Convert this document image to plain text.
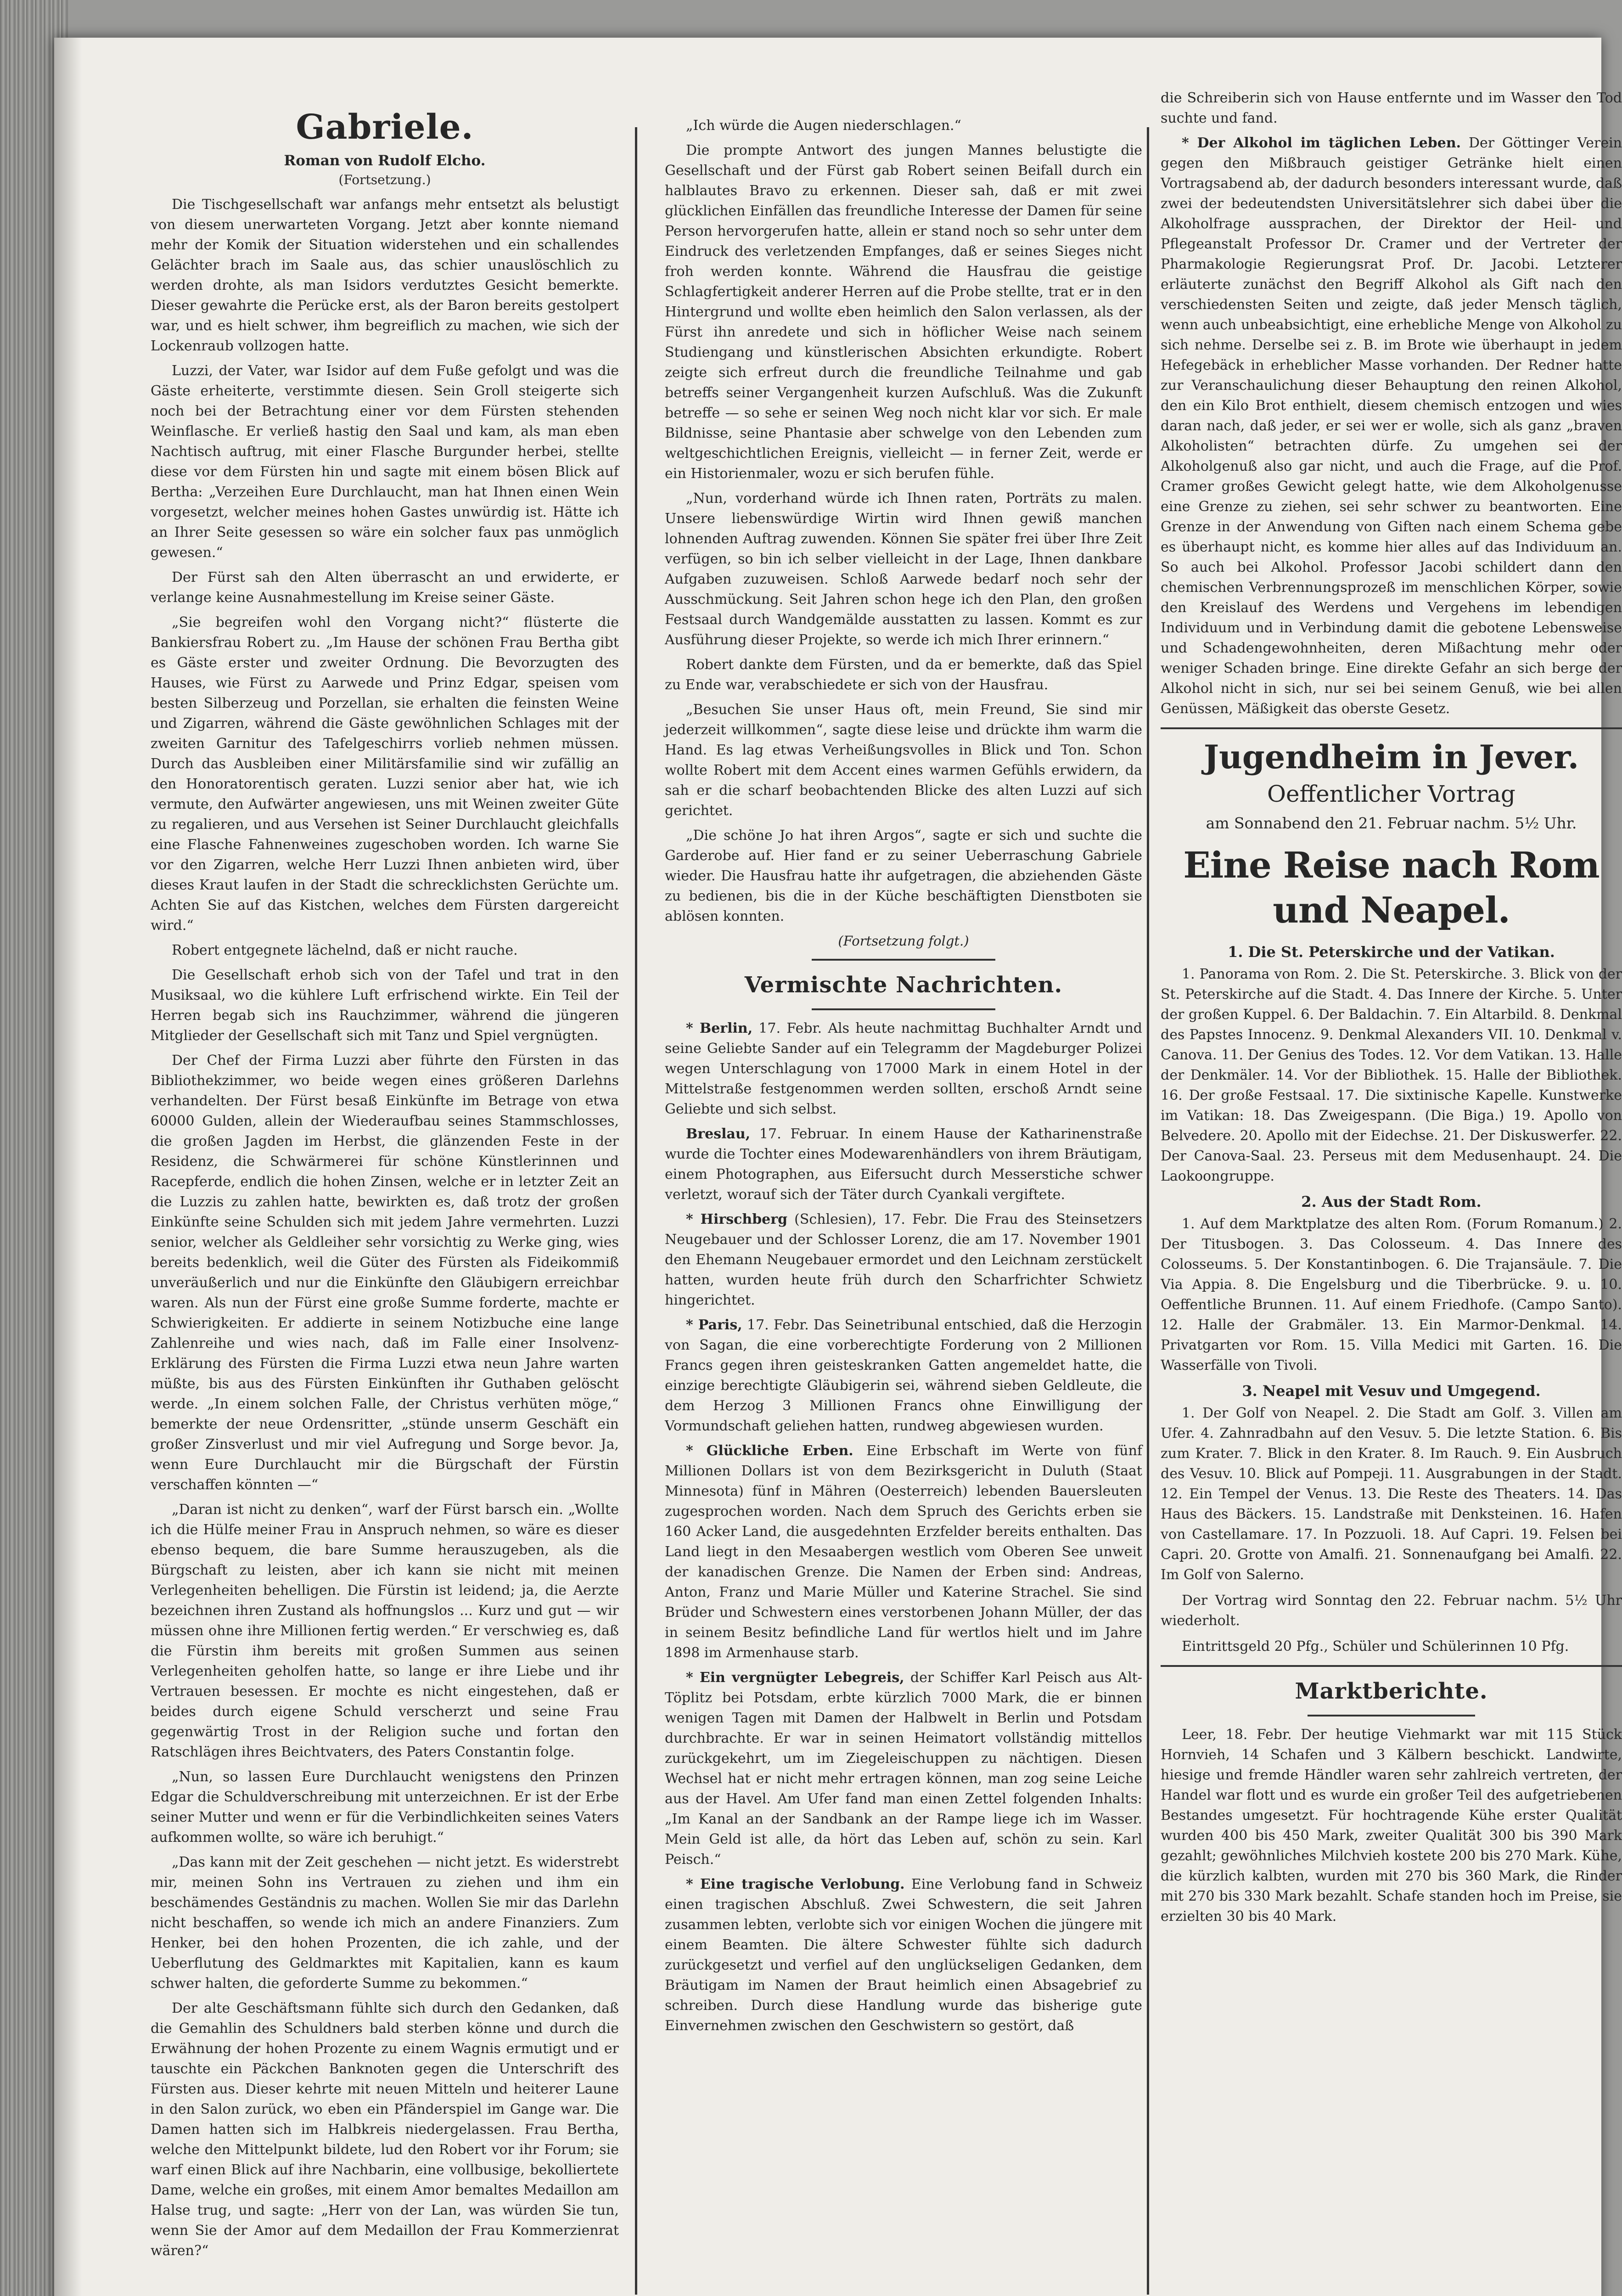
Gabriele.
Roman von Rudolf Elcho.
(Fortsetzung.)

Die Tischgesellschaft war anfangs mehr entsetzt als belustigt von diesem unerwarteten Vorgang. Jetzt aber konnte niemand mehr der Komik der Situation widerstehen und ein schallendes Gelächter brach im Saale aus, das schier unauslöschlich zu werden drohte, als man Isidors verdutztes Gesicht bemerkte. Dieser gewahrte die Perücke erst, als der Baron bereits gestolpert war, und es hielt schwer, ihm begreiflich zu machen, wie sich der Lockenraub vollzogen hatte.

Luzzi, der Vater, war Isidor auf dem Fuße gefolgt und was die Gäste erheiterte, verstimmte diesen. Sein Groll steigerte sich noch bei der Betrachtung einer vor dem Fürsten stehenden Weinflasche. Er verließ hastig den Saal und kam, als man eben Nachtisch auftrug, mit einer Flasche Burgunder herbei, stellte diese vor dem Fürsten hin und sagte mit einem bösen Blick auf Bertha: „Verzeihen Eure Durchlaucht, man hat Ihnen einen Wein vorgesetzt, welcher meines hohen Gastes unwürdig ist. Hätte ich an Ihrer Seite gesessen so wäre ein solcher faux pas unmöglich gewesen.“

Der Fürst sah den Alten überrascht an und erwiderte, er verlange keine Ausnahmestellung im Kreise seiner Gäste.

„Sie begreifen wohl den Vorgang nicht?“ flüsterte die Bankiersfrau Robert zu. „Im Hause der schönen Frau Bertha gibt es Gäste erster und zweiter Ordnung. Die Bevorzugten des Hauses, wie Fürst zu Aarwede und Prinz Edgar, speisen vom besten Silberzeug und Porzellan, sie erhalten die feinsten Weine und Zigarren, während die Gäste gewöhnlichen Schlages mit der zweiten Garnitur des Tafelgeschirrs vorlieb nehmen müssen. Durch das Ausbleiben einer Militärsfamilie sind wir zufällig an den Honoratorentisch geraten. Luzzi senior aber hat, wie ich vermute, den Aufwärter angewiesen, uns mit Weinen zweiter Güte zu regalieren, und aus Versehen ist Seiner Durchlaucht gleichfalls eine Flasche Fahnenweines zugeschoben worden. Ich warne Sie vor den Zigarren, welche Herr Luzzi Ihnen anbieten wird, über dieses Kraut laufen in der Stadt die schrecklichsten Gerüchte um. Achten Sie auf das Kistchen, welches dem Fürsten dargereicht wird.“

Robert entgegnete lächelnd, daß er nicht rauche.

Die Gesellschaft erhob sich von der Tafel und trat in den Musiksaal, wo die kühlere Luft erfrischend wirkte. Ein Teil der Herren begab sich ins Rauchzimmer, während die jüngeren Mitglieder der Gesellschaft sich mit Tanz und Spiel vergnügten.

Der Chef der Firma Luzzi aber führte den Fürsten in das Bibliothekzimmer, wo beide wegen eines größeren Darlehns verhandelten. Der Fürst besaß Einkünfte im Betrage von etwa 60000 Gulden, allein der Wiederaufbau seines Stammschlosses, die großen Jagden im Herbst, die glänzenden Feste in der Residenz, die Schwärmerei für schöne Künstlerinnen und Racepferde, endlich die hohen Zinsen, welche er in letzter Zeit an die Luzzis zu zahlen hatte, bewirkten es, daß trotz der großen Einkünfte seine Schulden sich mit jedem Jahre vermehrten. Luzzi senior, welcher als Geldleiher sehr vorsichtig zu Werke ging, wies bereits bedenklich, weil die Güter des Fürsten als Fideikommiß unveräußerlich und nur die Einkünfte den Gläubigern erreichbar waren. Als nun der Fürst eine große Summe forderte, machte er Schwierigkeiten. Er addierte in seinem Notizbuche eine lange Zahlenreihe und wies nach, daß im Falle einer Insolvenz-Erklärung des Fürsten die Firma Luzzi etwa neun Jahre warten müßte, bis aus des Fürsten Einkünften ihr Guthaben gelöscht werde. „In einem solchen Falle, der Christus verhüten möge,“ bemerkte der neue Ordensritter, „stünde unserm Geschäft ein großer Zinsverlust und mir viel Aufregung und Sorge bevor. Ja, wenn Eure Durchlaucht mir die Bürgschaft der Fürstin verschaffen könnten —“

„Daran ist nicht zu denken“, warf der Fürst barsch ein. „Wollte ich die Hülfe meiner Frau in Anspruch nehmen, so wäre es dieser ebenso bequem, die bare Summe herauszugeben, als die Bürgschaft zu leisten, aber ich kann sie nicht mit meinen Verlegenheiten behelligen. Die Fürstin ist leidend; ja, die Aerzte bezeichnen ihren Zustand als hoffnungslos ... Kurz und gut — wir müssen ohne ihre Millionen fertig werden.“ Er verschwieg es, daß die Fürstin ihm bereits mit großen Summen aus seinen Verlegenheiten geholfen hatte, so lange er ihre Liebe und ihr Vertrauen besessen. Er mochte es nicht eingestehen, daß er beides durch eigene Schuld verscherzt und seine Frau gegenwärtig Trost in der Religion suche und fortan den Ratschlägen ihres Beichtvaters, des Paters Constantin folge.

„Nun, so lassen Eure Durchlaucht wenigstens den Prinzen Edgar die Schuldverschreibung mit unterzeichnen. Er ist der Erbe seiner Mutter und wenn er für die Verbindlichkeiten seines Vaters aufkommen wollte, so wäre ich beruhigt.“

„Das kann mit der Zeit geschehen — nicht jetzt. Es widerstrebt mir, meinen Sohn ins Vertrauen zu ziehen und ihm ein beschämendes Geständnis zu machen. Wollen Sie mir das Darlehn nicht beschaffen, so wende ich mich an andere Finanziers. Zum Henker, bei den hohen Prozenten, die ich zahle, und der Ueberflutung des Geldmarktes mit Kapitalien, kann es kaum schwer halten, die geforderte Summe zu bekommen.“

Der alte Geschäftsmann fühlte sich durch den Gedanken, daß die Gemahlin des Schuldners bald sterben könne und durch die Erwähnung der hohen Prozente zu einem Wagnis ermutigt und er tauschte ein Päckchen Banknoten gegen die Unterschrift des Fürsten aus. Dieser kehrte mit neuen Mitteln und heiterer Laune in den Salon zurück, wo eben ein Pfänderspiel im Gange war. Die Damen hatten sich im Halbkreis niedergelassen. Frau Bertha, welche den Mittelpunkt bildete, lud den Robert vor ihr Forum; sie warf einen Blick auf ihre Nachbarin, eine vollbusige, bekolliertete Dame, welche ein großes, mit einem Amor bemaltes Medaillon am Halse trug, und sagte: „Herr von der Lan, was würden Sie tun, wenn Sie der Amor auf dem Medaillon der Frau Kommerzienrat wären?“

„Ich würde die Augen niederschlagen.“

Die prompte Antwort des jungen Mannes belustigte die Gesellschaft und der Fürst gab Robert seinen Beifall durch ein halblautes Bravo zu erkennen. Dieser sah, daß er mit zwei glücklichen Einfällen das freundliche Interesse der Damen für seine Person hervorgerufen hatte, allein er stand noch so sehr unter dem Eindruck des verletzenden Empfanges, daß er seines Sieges nicht froh werden konnte. Während die Hausfrau die geistige Schlagfertigkeit anderer Herren auf die Probe stellte, trat er in den Hintergrund und wollte eben heimlich den Salon verlassen, als der Fürst ihn anredete und sich in höflicher Weise nach seinem Studiengang und künstlerischen Absichten erkundigte. Robert zeigte sich erfreut durch die freundliche Teilnahme und gab betreffs seiner Vergangenheit kurzen Aufschluß. Was die Zukunft betreffe — so sehe er seinen Weg noch nicht klar vor sich. Er male Bildnisse, seine Phantasie aber schwelge von den Lebenden zum weltgeschichtlichen Ereignis, vielleicht — in ferner Zeit, werde er ein Historienmaler, wozu er sich berufen fühle.

„Nun, vorderhand würde ich Ihnen raten, Porträts zu malen. Unsere liebenswürdige Wirtin wird Ihnen gewiß manchen lohnenden Auftrag zuwenden. Können Sie später frei über Ihre Zeit verfügen, so bin ich selber vielleicht in der Lage, Ihnen dankbare Aufgaben zuzuweisen. Schloß Aarwede bedarf noch sehr der Ausschmückung. Seit Jahren schon hege ich den Plan, den großen Festsaal durch Wandgemälde ausstatten zu lassen. Kommt es zur Ausführung dieser Projekte, so werde ich mich Ihrer erinnern.“

Robert dankte dem Fürsten, und da er bemerkte, daß das Spiel zu Ende war, verabschiedete er sich von der Hausfrau.

„Besuchen Sie unser Haus oft, mein Freund, Sie sind mir jederzeit willkommen“, sagte diese leise und drückte ihm warm die Hand. Es lag etwas Verheißungsvolles in Blick und Ton. Schon wollte Robert mit dem Accent eines warmen Gefühls erwidern, da sah er die scharf beobachtenden Blicke des alten Luzzi auf sich gerichtet.

„Die schöne Jo hat ihren Argos“, sagte er sich und suchte die Garderobe auf. Hier fand er zu seiner Ueberraschung Gabriele wieder. Die Hausfrau hatte ihr aufgetragen, die abziehenden Gäste zu bedienen, bis die in der Küche beschäftigten Dienstboten sie ablösen konnten.

(Fortsetzung folgt.)
Vermischte Nachrichten.

* Berlin, 17. Febr. Als heute nachmittag Buchhalter Arndt und seine Geliebte Sander auf ein Telegramm der Magdeburger Polizei wegen Unterschlagung von 17000 Mark in einem Hotel in der Mittelstraße festgenommen werden sollten, erschoß Arndt seine Geliebte und sich selbst.

Breslau, 17. Februar. In einem Hause der Katharinenstraße wurde die Tochter eines Modewarenhändlers von ihrem Bräutigam, einem Photographen, aus Eifersucht durch Messerstiche schwer verletzt, worauf sich der Täter durch Cyankali vergiftete.

* Hirschberg (Schlesien), 17. Febr. Die Frau des Steinsetzers Neugebauer und der Schlosser Lorenz, die am 17. November 1901 den Ehemann Neugebauer ermordet und den Leichnam zerstückelt hatten, wurden heute früh durch den Scharfrichter Schwietz hingerichtet.

* Paris, 17. Febr. Das Seinetribunal entschied, daß die Herzogin von Sagan, die eine vorberechtigte Forderung von 2 Millionen Francs gegen ihren geisteskranken Gatten angemeldet hatte, die einzige berechtigte Gläubigerin sei, während sieben Geldleute, die dem Herzog 3 Millionen Francs ohne Einwilligung der Vormundschaft geliehen hatten, rundweg abgewiesen wurden.

* Glückliche Erben. Eine Erbschaft im Werte von fünf Millionen Dollars ist von dem Bezirksgericht in Duluth (Staat Minnesota) fünf in Mähren (Oesterreich) lebenden Bauersleuten zugesprochen worden. Nach dem Spruch des Gerichts erben sie 160 Acker Land, die ausgedehnten Erzfelder bereits enthalten. Das Land liegt in den Mesaabergen westlich vom Oberen See unweit der kanadischen Grenze. Die Namen der Erben sind: Andreas, Anton, Franz und Marie Müller und Katerine Strachel. Sie sind Brüder und Schwestern eines verstorbenen Johann Müller, der das in seinem Besitz befindliche Land für wertlos hielt und im Jahre 1898 im Armenhause starb.

* Ein vergnügter Lebegreis, der Schiffer Karl Peisch aus Alt-Töplitz bei Potsdam, erbte kürzlich 7000 Mark, die er binnen wenigen Tagen mit Damen der Halbwelt in Berlin und Potsdam durchbrachte. Er war in seinen Heimatort vollständig mittellos zurückgekehrt, um im Ziegeleischuppen zu nächtigen. Diesen Wechsel hat er nicht mehr ertragen können, man zog seine Leiche aus der Havel. Am Ufer fand man einen Zettel folgenden Inhalts: „Im Kanal an der Sandbank an der Rampe liege ich im Wasser. Mein Geld ist alle, da hört das Leben auf, schön zu sein. Karl Peisch.“

* Eine tragische Verlobung. Eine Verlobung fand in Schweiz einen tragischen Abschluß. Zwei Schwestern, die seit Jahren zusammen lebten, verlobte sich vor einigen Wochen die jüngere mit einem Beamten. Die ältere Schwester fühlte sich dadurch zurückgesetzt und verfiel auf den unglückseligen Gedanken, dem Bräutigam im Namen der Braut heimlich einen Absagebrief zu schreiben. Durch diese Handlung wurde das bisherige gute Einvernehmen zwischen den Geschwistern so gestört, daß

die Schreiberin sich von Hause entfernte und im Wasser den Tod suchte und fand.

* Der Alkohol im täglichen Leben. Der Göttinger Verein gegen den Mißbrauch geistiger Getränke hielt einen Vortragsabend ab, der dadurch besonders interessant wurde, daß zwei der bedeutendsten Universitätslehrer sich dabei über die Alkoholfrage aussprachen, der Direktor der Heil- und Pflegeanstalt Professor Dr. Cramer und der Vertreter der Pharmakologie Regierungsrat Prof. Dr. Jacobi. Letzterer erläuterte zunächst den Begriff Alkohol als Gift nach den verschiedensten Seiten und zeigte, daß jeder Mensch täglich, wenn auch unbeabsichtigt, eine erhebliche Menge von Alkohol zu sich nehme. Derselbe sei z. B. im Brote wie überhaupt in jedem Hefegebäck in erheblicher Masse vorhanden. Der Redner hatte zur Veranschaulichung dieser Behauptung den reinen Alkohol, den ein Kilo Brot enthielt, diesem chemisch entzogen und wies daran nach, daß jeder, er sei wer er wolle, sich als ganz „braven Alkoholisten“ betrachten dürfe. Zu umgehen sei der Alkoholgenuß also gar nicht, und auch die Frage, auf die Prof. Cramer großes Gewicht gelegt hatte, wie dem Alkoholgenusse eine Grenze zu ziehen, sei sehr schwer zu beantworten. Eine Grenze in der Anwendung von Giften nach einem Schema gebe es überhaupt nicht, es komme hier alles auf das Individuum an. So auch bei Alkohol. Professor Jacobi schildert dann den chemischen Verbrennungsprozeß im menschlichen Körper, sowie den Kreislauf des Werdens und Vergehens im lebendigen Individuum und in Verbindung damit die gebotene Lebensweise und Schadengewohnheiten, deren Mißachtung mehr oder weniger Schaden bringe. Eine direkte Gefahr an sich berge der Alkohol nicht in sich, nur sei bei seinem Genuß, wie bei allen Genüssen, Mäßigkeit das oberste Gesetz.

Jugendheim in Jever.
Oeffentlicher Vortrag
am Sonnabend den 21. Februar nachm. 5½ Uhr.
Eine Reise nach Rom und Neapel.
1. Die St. Peterskirche und der Vatikan.

1. Panorama von Rom. 2. Die St. Peterskirche. 3. Blick von der St. Peterskirche auf die Stadt. 4. Das Innere der Kirche. 5. Unter der großen Kuppel. 6. Der Baldachin. 7. Ein Altarbild. 8. Denkmal des Papstes Innocenz. 9. Denkmal Alexanders VII. 10. Denkmal v. Canova. 11. Der Genius des Todes. 12. Vor dem Vatikan. 13. Halle der Denkmäler. 14. Vor der Bibliothek. 15. Halle der Bibliothek. 16. Der große Festsaal. 17. Die sixtinische Kapelle. Kunstwerke im Vatikan: 18. Das Zweigespann. (Die Biga.) 19. Apollo von Belvedere. 20. Apollo mit der Eidechse. 21. Der Diskuswerfer. 22. Der Canova-Saal. 23. Perseus mit dem Medusenhaupt. 24. Die Laokoongruppe.

2. Aus der Stadt Rom.

1. Auf dem Marktplatze des alten Rom. (Forum Romanum.) 2. Der Titusbogen. 3. Das Colosseum. 4. Das Innere des Colosseums. 5. Der Konstantinbogen. 6. Die Trajansäule. 7. Die Via Appia. 8. Die Engelsburg und die Tiberbrücke. 9. u. 10. Oeffentliche Brunnen. 11. Auf einem Friedhofe. (Campo Santo). 12. Halle der Grabmäler. 13. Ein Marmor-Denkmal. 14. Privatgarten vor Rom. 15. Villa Medici mit Garten. 16. Die Wasserfälle von Tivoli.

3. Neapel mit Vesuv und Umgegend.

1. Der Golf von Neapel. 2. Die Stadt am Golf. 3. Villen am Ufer. 4. Zahnradbahn auf den Vesuv. 5. Die letzte Station. 6. Bis zum Krater. 7. Blick in den Krater. 8. Im Rauch. 9. Ein Ausbruch des Vesuv. 10. Blick auf Pompeji. 11. Ausgrabungen in der Stadt. 12. Ein Tempel der Venus. 13. Die Reste des Theaters. 14. Das Haus des Bäckers. 15. Landstraße mit Denksteinen. 16. Hafen von Castellamare. 17. In Pozzuoli. 18. Auf Capri. 19. Felsen bei Capri. 20. Grotte von Amalfi. 21. Sonnenaufgang bei Amalfi. 22. Im Golf von Salerno.

Der Vortrag wird Sonntag den 22. Februar nachm. 5½ Uhr wiederholt.

Eintrittsgeld 20 Pfg., Schüler und Schülerinnen 10 Pfg.

Marktberichte.

Leer, 18. Febr. Der heutige Viehmarkt war mit 115 Stück Hornvieh, 14 Schafen und 3 Kälbern beschickt. Landwirte, hiesige und fremde Händler waren sehr zahlreich vertreten, der Handel war flott und es wurde ein großer Teil des aufgetriebenen Bestandes umgesetzt. Für hochtragende Kühe erster Qualität wurden 400 bis 450 Mark, zweiter Qualität 300 bis 390 Mark gezahlt; gewöhnliches Milchvieh kostete 200 bis 270 Mark. Kühe, die kürzlich kalbten, wurden mit 270 bis 360 Mark, die Rinder mit 270 bis 330 Mark bezahlt. Schafe standen hoch im Preise, sie erzielten 30 bis 40 Mark.
